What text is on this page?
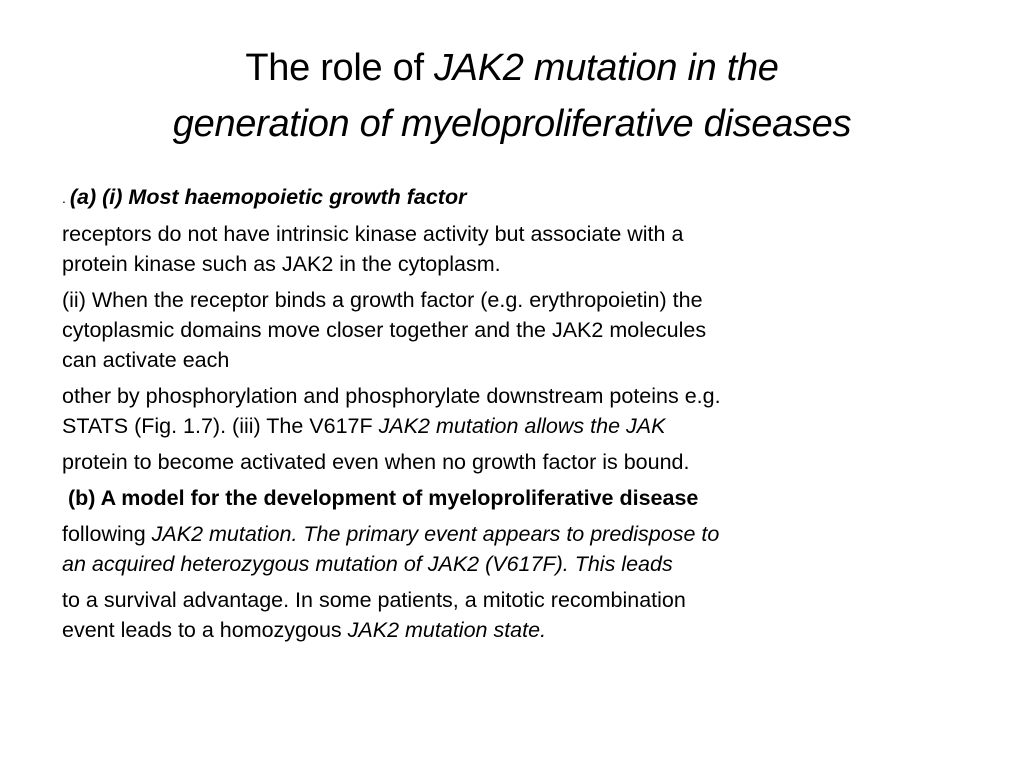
The role of JAK2 mutation in the
generation of myeloproliferative diseases

. (a) (i) Most haemopoietic growth factor

receptors do not have intrinsic kinase activity but associate with a
protein kinase such as JAK2 in the cytoplasm.

(ii) When the receptor binds a growth factor (e.g. erythropoietin) the
cytoplasmic domains move closer together and the JAK2 molecules
can activate each

other by phosphorylation and phosphorylate downstream poteins e.g.
STATS (Fig. 1.7). (iii) The V617F JAK2 mutation allows the JAK

protein to become activated even when no growth factor is bound.

(b) A model for the development of myeloproliferative disease

following JAK2 mutation. The primary event appears to predispose to
an acquired heterozygous mutation of JAK2 (V617F). This leads

to a survival advantage. In some patients, a mitotic recombination
event leads to a homozygous JAK2 mutation state.
